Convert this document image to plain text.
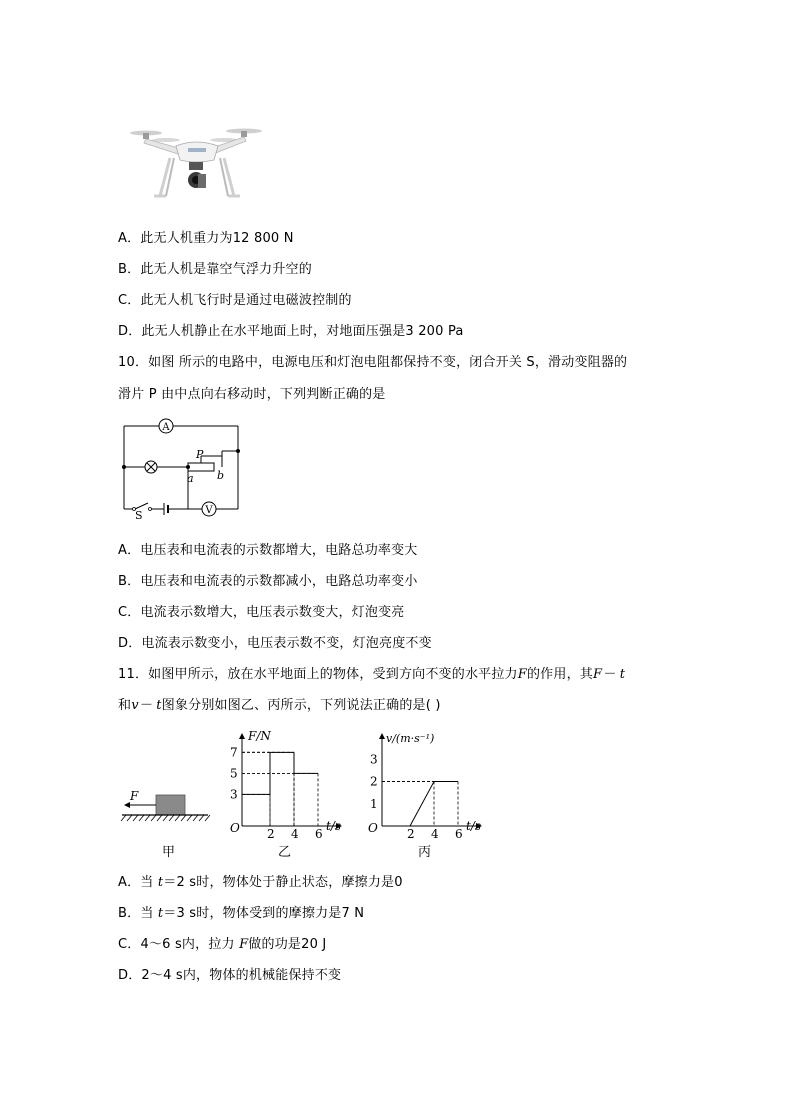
A．此无人机重力为12 800 N
B．此无人机是靠空气浮力升空的
C．此无人机飞行时是通过电磁波控制的
D．此无人机静止在水平地面上时，对地面压强是3 200 Pa
10．如图 所示的电路中，电源电压和灯泡电阻都保持不变，闭合开关 S，滑动变阻器的
滑片 P 由中点向右移动时，下列判断正确的是
A
V
P
a b
S
A．电压表和电流表的示数都增大，电路总功率变大
B．电压表和电流表的示数都减小，电路总功率变小
C．电流表示数增大，电压表示数变大，灯泡变亮
D．电流表示数变小，电压表示数不变，灯泡亮度不变
11．如图甲所示，放在水平地面上的物体，受到方向不变的水平拉力F的作用，其F－ t
和v－ t图象分别如图乙、丙所示，下列说法正确的是( )
F
甲
F/N
t/s
O
乙
2 4 6
7
5
3
v/(m·s⁻¹)
t/s
O
丙
2 4 6
3
2
1
A．当 t＝2 s时，物体处于静止状态，摩擦力是0
B．当 t＝3 s时，物体受到的摩擦力是7 N
C．4～6 s内，拉力 F做的功是20 J
D．2～4 s内，物体的机械能保持不变
